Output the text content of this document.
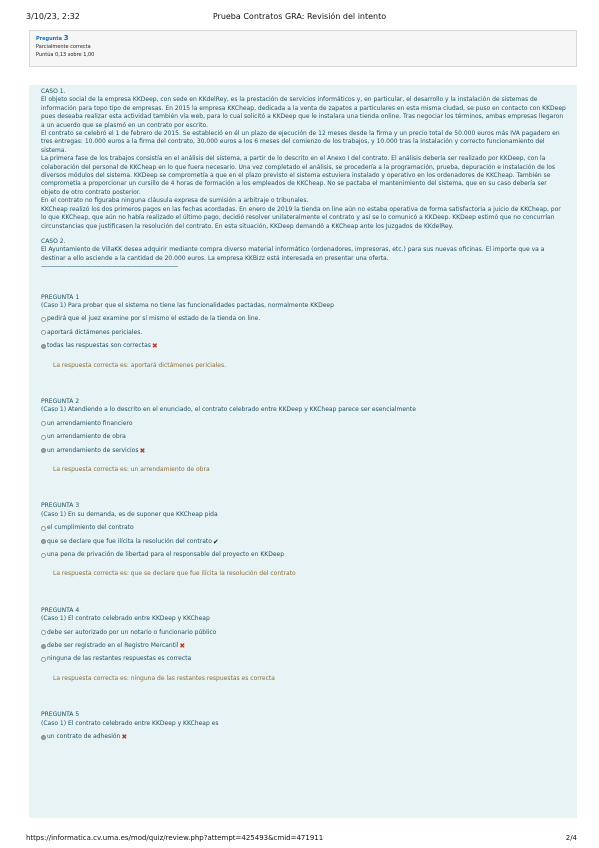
3/10/23, 2:32	Prueba Contratos GRA: Revisión del intento
Pregunta 3
Parcialmente correcta
Puntúa 0,13 sobre 1,00

CASO 1.

El objeto social de la empresa KKDeep, con sede en KKdelRey, es la prestación de servicios informáticos y, en particular, el desarrollo y la instalación de sistemas de información para topo tipo de empresas. En 2015 la empresa KKCheap, dedicada a la venta de zapatos a particulares en esta misma ciudad, se puso en contacto con KKDeep pues deseaba realizar esta actividad también vía web, para lo cual solicitó a KKDeep que le instalara una tienda online. Tras negociar los términos, ambas empresas llegaron a un acuerdo que se plasmó en un contrato por escrito.

El contrato se celebró el 1 de febrero de 2015. Se estableció en él un plazo de ejecución de 12 meses desde la firma y un precio total de 50.000 euros más IVA pagadero en tres entregas: 10.000 euros a la firma del contrato, 30.000 euros a los 6 meses del comienzo de los trabajos, y 10.000 tras la instalación y correcto funcionamiento del sistema.

La primera fase de los trabajos consistía en el análisis del sistema, a partir de lo descrito en el Anexo I del contrato. El análisis debería ser realizado por KKDeep, con la colaboración del personal de KKCheap en lo que fuera necesario. Una vez completado el análisis, se procedería a la programación, prueba, depuración e instalación de los diversos módulos del sistema. KKDeep se comprometía a que en el plazo previsto el sistema estuviera instalado y operativo en los ordenadores de KKCheap. También se comprometía a proporcionar un cursillo de 4 horas de formación a los empleados de KKCheap. No se pactaba el mantenimiento del sistema, que en su caso debería ser objeto de otro contrato posterior.

En el contrato no figuraba ninguna cláusula expresa de sumisión a arbitraje o tribunales.

KKCheap realizó los dos primeros pagos en las fechas acordadas. En enero de 2019 la tienda on line aún no estaba operativa de forma satisfactoria a juicio de KKCheap, por lo que KKCheap, que aún no había realizado el último pago, decidió resolver unilateralmente el contrato y así se lo comunicó a KKDeep. KKDeep estimó que no concurrían circunstancias que justificasen la resolución del contrato. En esta situación, KKDeep demandó a KKCheap ante los Juzgados de KKdelRey.

CASO 2.

El Ayuntamiento de VillaKK desea adquirir mediante compra diverso material informático (ordenadores, impresoras, etc.) para sus nuevas oficinas. El importe que va a destinar a ello asciende a la cantidad de 20.000 euros. La empresa KKBizz está interesada en presentar una oferta.

----------------------------------------------------------------------------------

PREGUNTA 1

(Caso 1) Para probar que el sistema no tiene las funcionalidades pactadas, normalmente KKDeep

pedirá que el juez examine por sí mismo el estado de la tienda on line.
aportará dictámenes periciales.
todas las respuestas son correctas ✖

La respuesta correcta es: aportará dictámenes periciales.

PREGUNTA 2

(Caso 1) Atendiendo a lo descrito en el enunciado, el contrato celebrado entre KKDeep y KKCheap parece ser esencialmente

un arrendamiento financiero
un arrendamiento de obra
un arrendamiento de servicios ✖

La respuesta correcta es: un arrendamiento de obra

PREGUNTA 3

(Caso 1) En su demanda, es de suponer que KKCheap pida

el cumplimiento del contrato
que se declare que fue ilícita la resolución del contrato ✔
una pena de privación de libertad para el responsable del proyecto en KKDeep

La respuesta correcta es: que se declare que fue ilícita la resolución del contrato

PREGUNTA 4

(Caso 1) El contrato celebrado entre KKDeep y KKCheap

debe ser autorizado por un notario o funcionario público
debe ser registrado en el Registro Mercantil ✖
ninguna de las restantes respuestas es correcta

La respuesta correcta es: ninguna de las restantes respuestas es correcta

PREGUNTA 5

(Caso 1) El contrato celebrado entre KKDeep y KKCheap es

un contrato de adhesión ✖
https://informatica.cv.uma.es/mod/quiz/review.php?attempt=425493&cmid=471911	2/4
